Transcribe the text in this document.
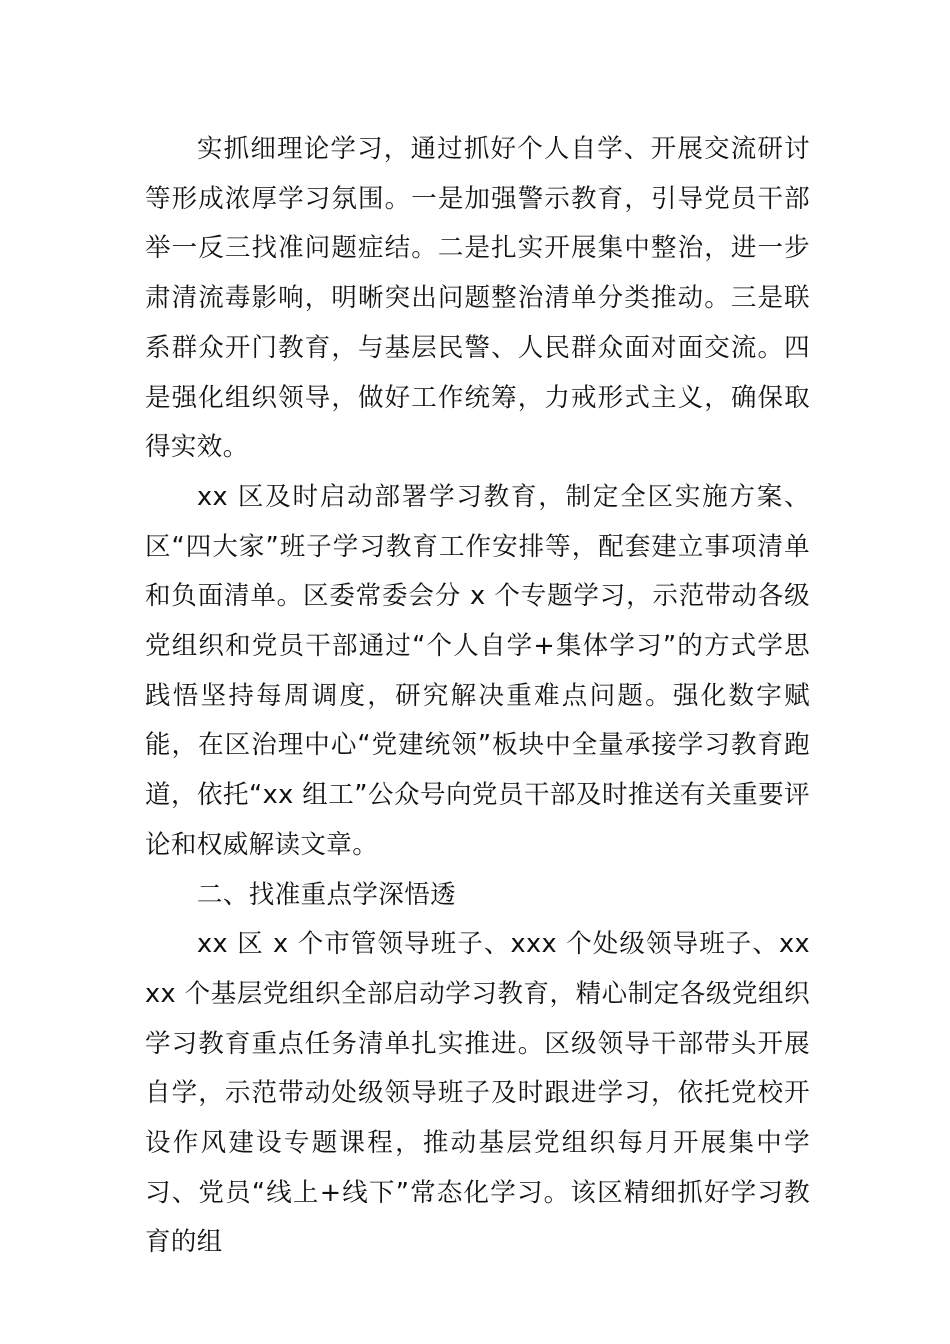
实抓细理论学习，通过抓好个人自学、开展交流研讨等形成浓厚学习氛围。一是加强警示教育，引导党员干部举一反三找准问题症结。二是扎实开展集中整治，进一步肃清流毒影响，明晰突出问题整治清单分类推动。三是联系群众开门教育，与基层民警、人民群众面对面交流。四是强化组织领导，做好工作统筹，力戒形式主义，确保取得实效。

xx 区及时启动部署学习教育，制定全区实施方案、区“四大家”班子学习教育工作安排等，配套建立事项清单和负面清单。区委常委会分 x 个专题学习，示范带动各级党组织和党员干部通过“个人自学+集体学习”的方式学思践悟坚持每周调度，研究解决重难点问题。强化数字赋能，在区治理中心“党建统领”板块中全量承接学习教育跑道，依托“xx 组工”公众号向党员干部及时推送有关重要评论和权威解读文章。

二、找准重点学深悟透

xx 区 x 个市管领导班子、xxx 个处级领导班子、xxxx 个基层党组织全部启动学习教育，精心制定各级党组织学习教育重点任务清单扎实推进。区级领导干部带头开展自学，示范带动处级领导班子及时跟进学习，依托党校开设作风建设专题课程，推动基层党组织每月开展集中学习、党员“线上+线下”常态化学习。该区精细抓好学习教育的组
